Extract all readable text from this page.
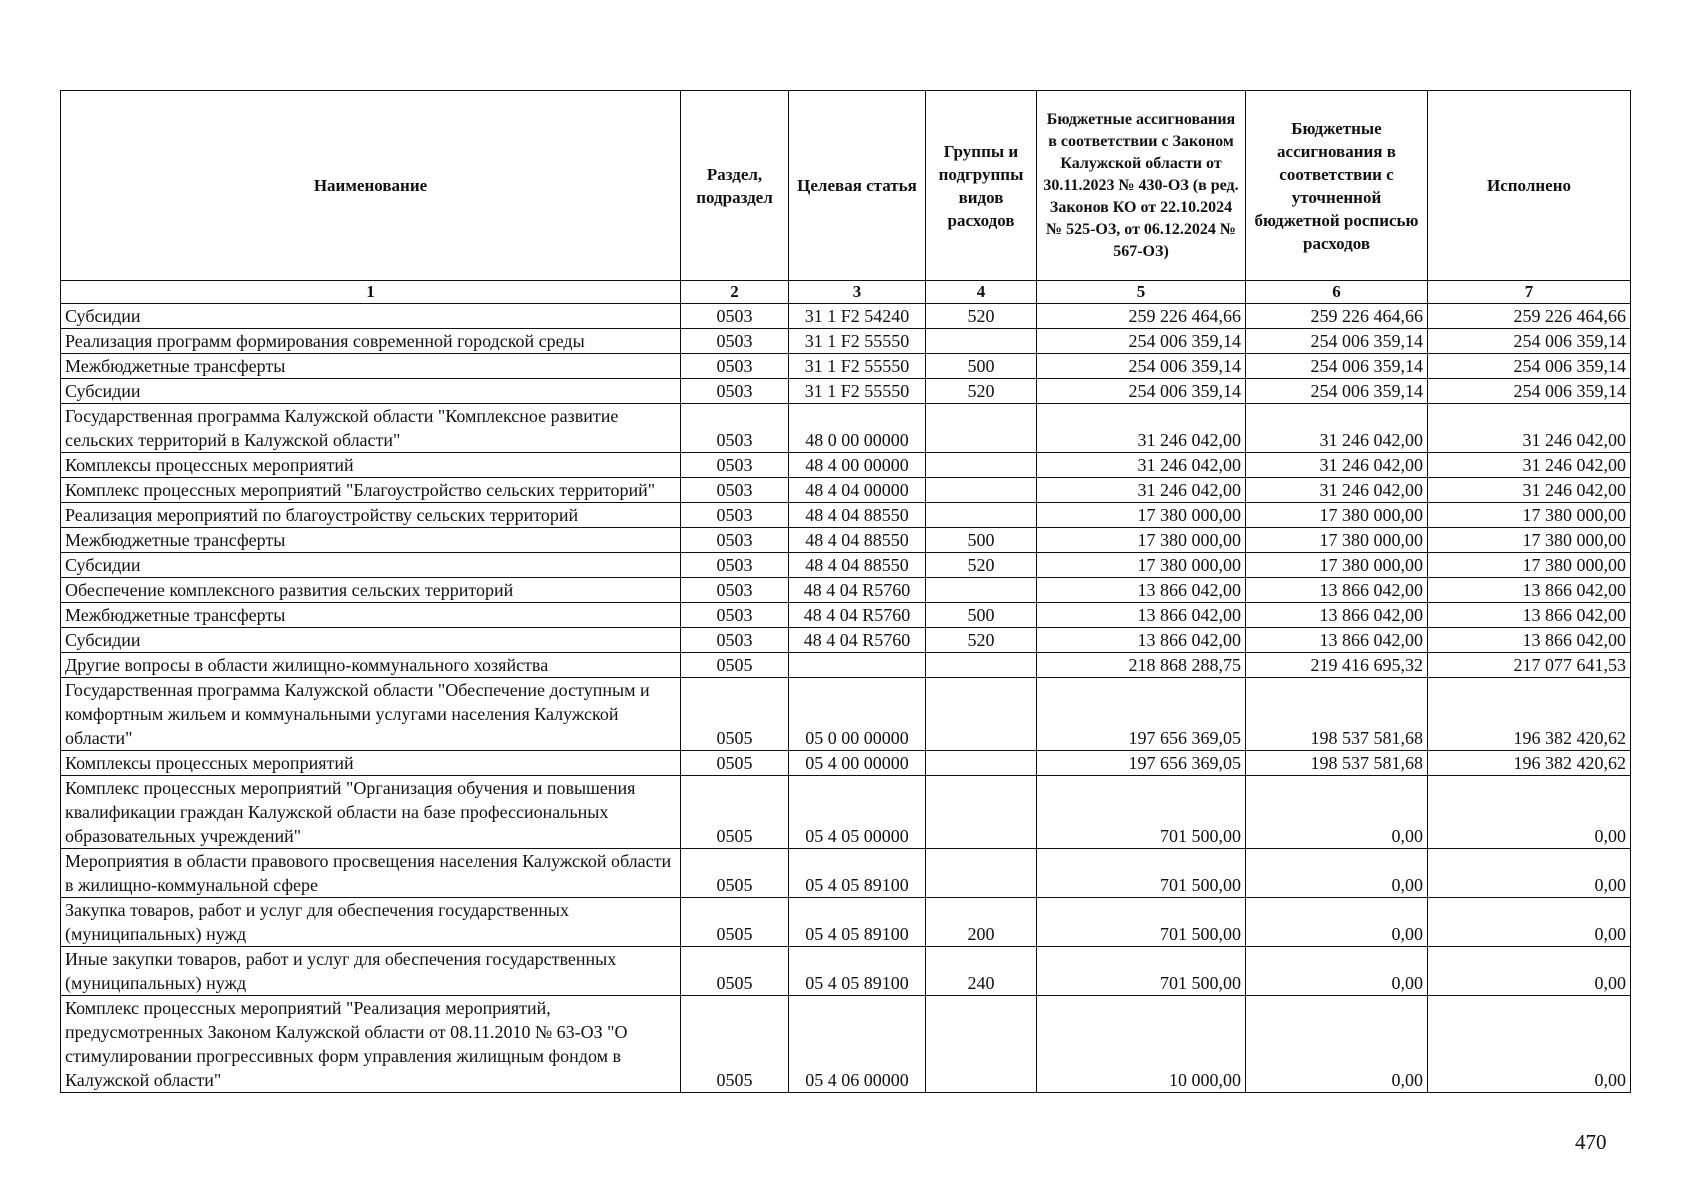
Наименование	Раздел, подраздел	Целевая статья	Группы и подгруппы видов расходов	Бюджетные ассигнования в соответствии с Законом Калужской области от 30.11.2023 № 430-ОЗ (в ред. Законов КО от 22.10.2024 № 525-ОЗ, от 06.12.2024 № 567-ОЗ)	Бюджетные ассигнования в соответствии с уточненной бюджетной росписью расходов	Исполнено
1	2	3	4	5	6	7
Субсидии	0503	31 1 F2 54240	520	259 226 464,66	259 226 464,66	259 226 464,66
Реализация программ формирования современной городской среды	0503	31 1 F2 55550		254 006 359,14	254 006 359,14	254 006 359,14
Межбюджетные трансферты	0503	31 1 F2 55550	500	254 006 359,14	254 006 359,14	254 006 359,14
Субсидии	0503	31 1 F2 55550	520	254 006 359,14	254 006 359,14	254 006 359,14
Государственная программа Калужской области "Комплексное развитие сельских территорий в Калужской области"	0503	48 0 00 00000		31 246 042,00	31 246 042,00	31 246 042,00
Комплексы процессных мероприятий	0503	48 4 00 00000		31 246 042,00	31 246 042,00	31 246 042,00
Комплекс процессных мероприятий "Благоустройство сельских территорий"	0503	48 4 04 00000		31 246 042,00	31 246 042,00	31 246 042,00
Реализация мероприятий по благоустройству сельских территорий	0503	48 4 04 88550		17 380 000,00	17 380 000,00	17 380 000,00
Межбюджетные трансферты	0503	48 4 04 88550	500	17 380 000,00	17 380 000,00	17 380 000,00
Субсидии	0503	48 4 04 88550	520	17 380 000,00	17 380 000,00	17 380 000,00
Обеспечение комплексного развития сельских территорий	0503	48 4 04 R5760		13 866 042,00	13 866 042,00	13 866 042,00
Межбюджетные трансферты	0503	48 4 04 R5760	500	13 866 042,00	13 866 042,00	13 866 042,00
Субсидии	0503	48 4 04 R5760	520	13 866 042,00	13 866 042,00	13 866 042,00
Другие вопросы в области жилищно-коммунального хозяйства	0505			218 868 288,75	219 416 695,32	217 077 641,53
Государственная программа Калужской области "Обеспечение доступным и комфортным жильем и коммунальными услугами населения Калужской области"	0505	05 0 00 00000		197 656 369,05	198 537 581,68	196 382 420,62
Комплексы процессных мероприятий	0505	05 4 00 00000		197 656 369,05	198 537 581,68	196 382 420,62
Комплекс процессных мероприятий "Организация обучения и повышения квалификации граждан Калужской области на базе профессиональных образовательных учреждений"	0505	05 4 05 00000		701 500,00	0,00	0,00
Мероприятия в области правового просвещения населения Калужской области в жилищно-коммунальной сфере	0505	05 4 05 89100		701 500,00	0,00	0,00
Закупка товаров, работ и услуг для обеспечения государственных (муниципальных) нужд	0505	05 4 05 89100	200	701 500,00	0,00	0,00
Иные закупки товаров, работ и услуг для обеспечения государственных (муниципальных) нужд	0505	05 4 05 89100	240	701 500,00	0,00	0,00
Комплекс процессных мероприятий "Реализация мероприятий, предусмотренных Законом Калужской области от 08.11.2010 № 63-ОЗ "О стимулировании прогрессивных форм управления жилищным фондом в Калужской области"	0505	05 4 06 00000		10 000,00	0,00	0,00
470
